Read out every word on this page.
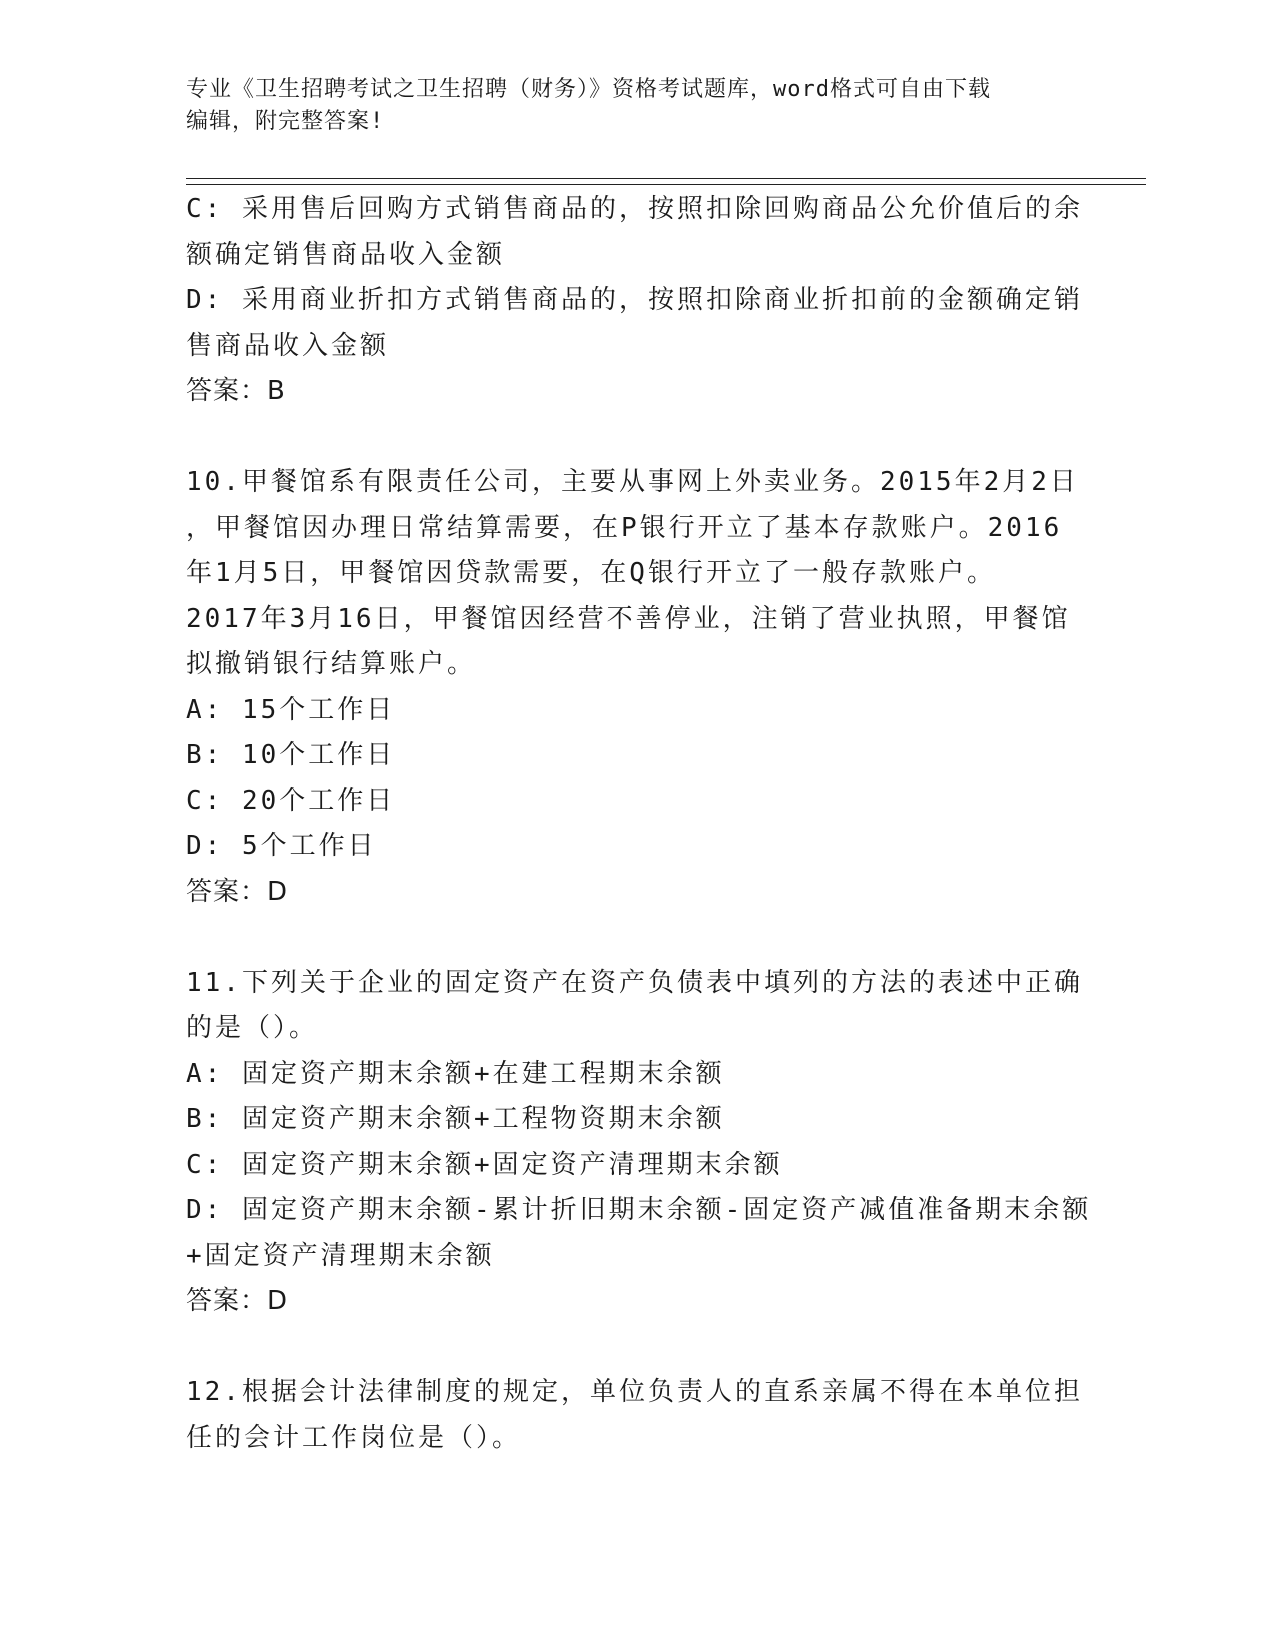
专业《卫生招聘考试之卫生招聘（财务）》资格考试题库，word格式可自由下载
编辑，附完整答案!
C: 采用售后回购方式销售商品的，按照扣除回购商品公允价值后的余
额确定销售商品收入金额
D: 采用商业折扣方式销售商品的，按照扣除商业折扣前的金额确定销
售商品收入金额
答案：B
10.甲餐馆系有限责任公司，主要从事网上外卖业务。2015年2月2日
，甲餐馆因办理日常结算需要，在P银行开立了基本存款账户。2016
年1月5日，甲餐馆因贷款需要，在Q银行开立了一般存款账户。
2017年3月16日，甲餐馆因经营不善停业，注销了营业执照，甲餐馆
拟撤销银行结算账户。
A: 15个工作日
B: 10个工作日
C: 20个工作日
D: 5个工作日
答案：D
11.下列关于企业的固定资产在资产负债表中填列的方法的表述中正确
的是（）。
A: 固定资产期末余额+在建工程期末余额
B: 固定资产期末余额+工程物资期末余额
C: 固定资产期末余额+固定资产清理期末余额
D: 固定资产期末余额-累计折旧期末余额-固定资产减值准备期末余额
+固定资产清理期末余额
答案：D
12.根据会计法律制度的规定，单位负责人的直系亲属不得在本单位担
任的会计工作岗位是（）。
